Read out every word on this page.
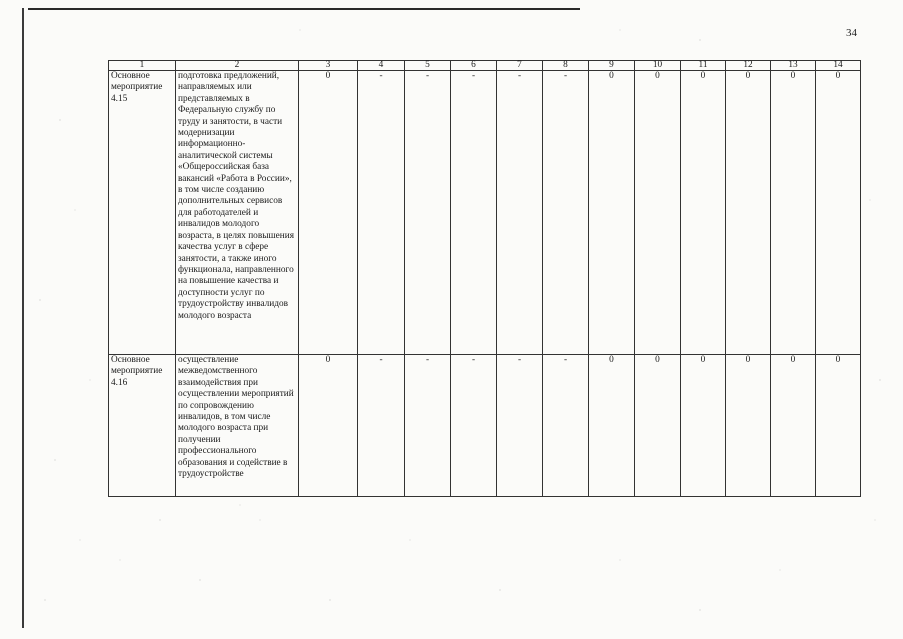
34
1	2	3	4	5	6	7	8	9	10	11	12	13	14
Основное мероприятие 4.15	подготовка предложений, направляемых или представляемых в Федеральную службу по труду и занятости, в части модернизации информационно-аналитической системы «Общероссийская база вакансий «Работа в России», в том числе созданию дополнительных сервисов для работодателей и инвалидов молодого возраста, в целях повышения качества услуг в сфере занятости, а также иного функционала, направленного на повышение качества и доступности услуг по трудоустройству инвалидов молодого возраста	0	-	-	-	-	-	0	0	0	0	0	0
Основное мероприятие 4.16	осуществление межведомственного взаимодействия при осуществлении мероприятий по сопровождению инвалидов, в том числе молодого возраста при получении профессионального образования и содействие в трудоустройстве	0	-	-	-	-	-	0	0	0	0	0	0
